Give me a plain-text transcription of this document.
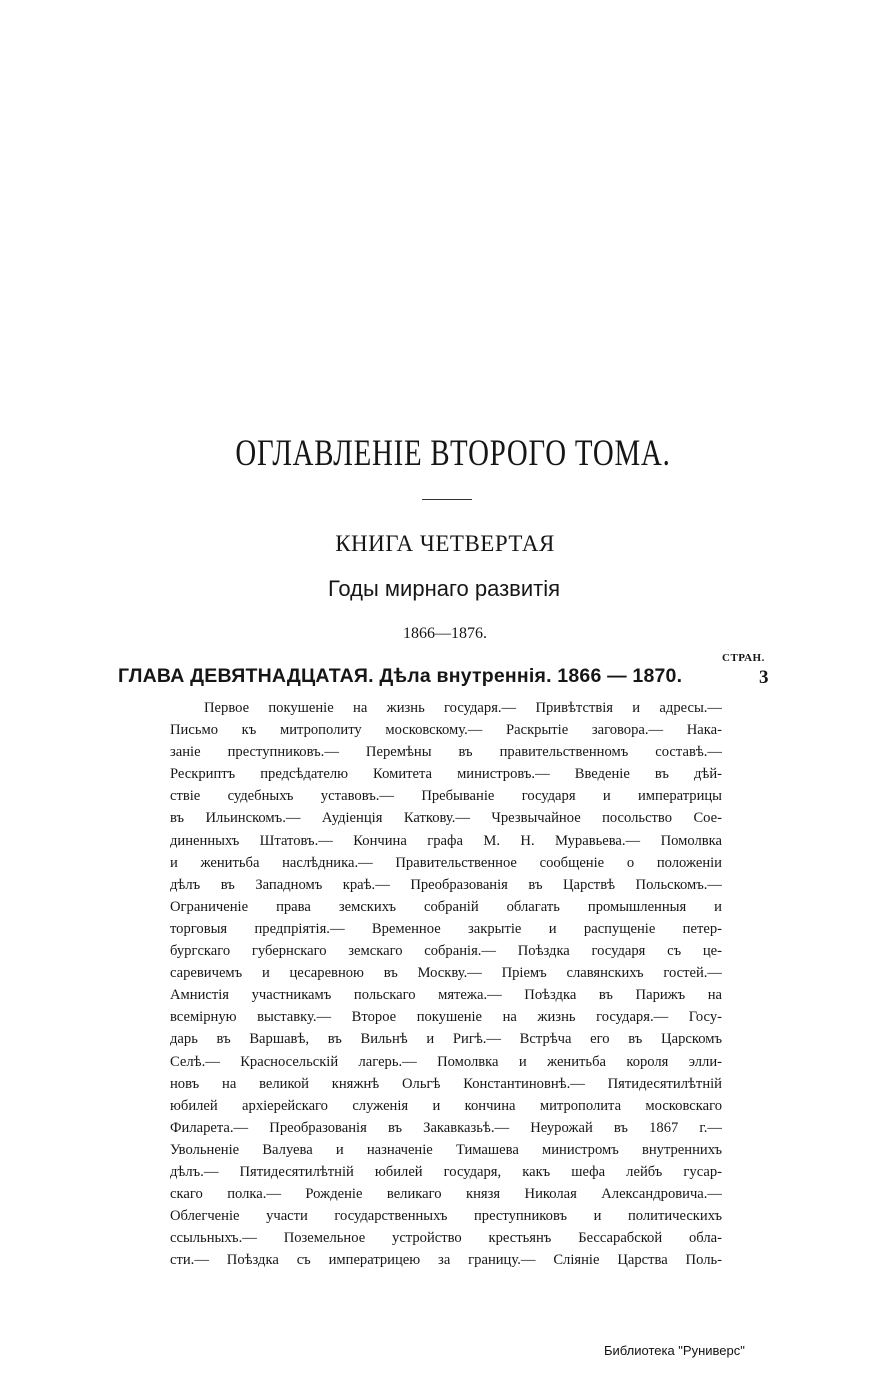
ОГЛАВЛЕНІЕ ВТОРОГО ТОМА.
КНИГА ЧЕТВЕРТАЯ
Годы мирнаго развитія
1866—1876.
СТРАН.
ГЛАВА ДЕВЯТНАДЦАТАЯ. Дѣла внутреннія. 1866 — 1870.	3
Первое покушеніе на жизнь государя.— Привѣтствія и адресы.—
Письмо къ митрополиту московскому.— Раскрытіе заговора.— Нака-
заніе преступниковъ.— Перемѣны въ правительственномъ составѣ.—
Рескриптъ предсѣдателю Комитета министровъ.— Введеніе въ дѣй-
ствіе судебныхъ уставовъ.— Пребываніе государя и императрицы
въ Ильинскомъ.— Аудіенція Каткову.— Чрезвычайное посольство Сое-
диненныхъ Штатовъ.— Кончина графа М. Н. Муравьева.— Помолвка
и женитьба наслѣдника.— Правительственное сообщеніе о положеніи
дѣлъ въ Западномъ краѣ.— Преобразованія въ Царствѣ Польскомъ.—
Ограниченіе права земскихъ собраній облагать промышленныя и
торговыя предпріятія.— Временное закрытіе и распущеніе петер-
бургскаго губернскаго земскаго собранія.— Поѣздка государя съ це-
саревичемъ и цесаревною въ Москву.— Пріемъ славянскихъ гостей.—
Амнистія участникамъ польскаго мятежа.— Поѣздка въ Парижъ на
всемірную выставку.— Второе покушеніе на жизнь государя.— Госу-
дарь въ Варшавѣ, въ Вильнѣ и Ригѣ.— Встрѣча его въ Царскомъ
Селѣ.— Красносельскій лагерь.— Помолвка и женитьба короля элли-
новъ на великой княжнѣ Ольгѣ Константиновнѣ.— Пятидесятилѣтній
юбилей архіерейскаго служенія и кончина митрополита московскаго
Филарета.— Преобразованія въ Закавказьѣ.— Неурожай въ 1867 г.—
Увольненіе Валуева и назначеніе Тимашева министромъ внутреннихъ
дѣлъ.— Пятидесятилѣтній юбилей государя, какъ шефа лейбъ гусар-
скаго полка.— Рожденіе великаго князя Николая Александровича.—
Облегченіе участи государственныхъ преступниковъ и политическихъ
ссыльныхъ.— Поземельное устройство крестьянъ Бессарабской обла-
сти.— Поѣздка съ императрицею за границу.— Сліяніе Царства Поль-
Библиотека "Руниверс"
